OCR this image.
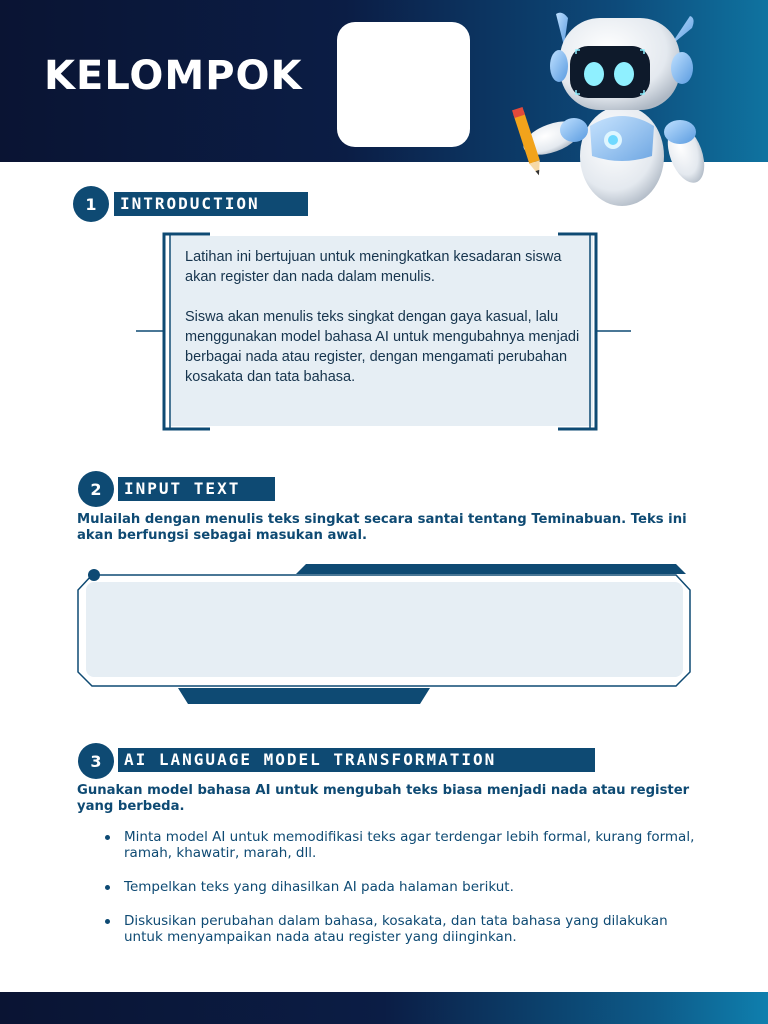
KELOMPOK
1	INTRODUCTION

Latihan ini bertujuan untuk meningkatkan kesadaran siswa akan register dan nada dalam menulis.

Siswa akan menulis teks singkat dengan gaya kasual, lalu menggunakan model bahasa AI untuk mengubahnya menjadi berbagai nada atau register, dengan mengamati perubahan kosakata dan tata bahasa.

2	INPUT TEXT
Mulailah dengan menulis teks singkat secara santai tentang Teminabuan. Teks ini akan berfungsi sebagai masukan awal.
3	AI LANGUAGE MODEL TRANSFORMATION
Gunakan model bahasa AI untuk mengubah teks biasa menjadi nada atau register yang berbeda.
Minta model AI untuk memodifikasi teks agar terdengar lebih formal, kurang formal, ramah, khawatir, marah, dll.
Tempelkan teks yang dihasilkan AI pada halaman berikut.
Diskusikan perubahan dalam bahasa, kosakata, dan tata bahasa yang dilakukan untuk menyampaikan nada atau register yang diinginkan.
